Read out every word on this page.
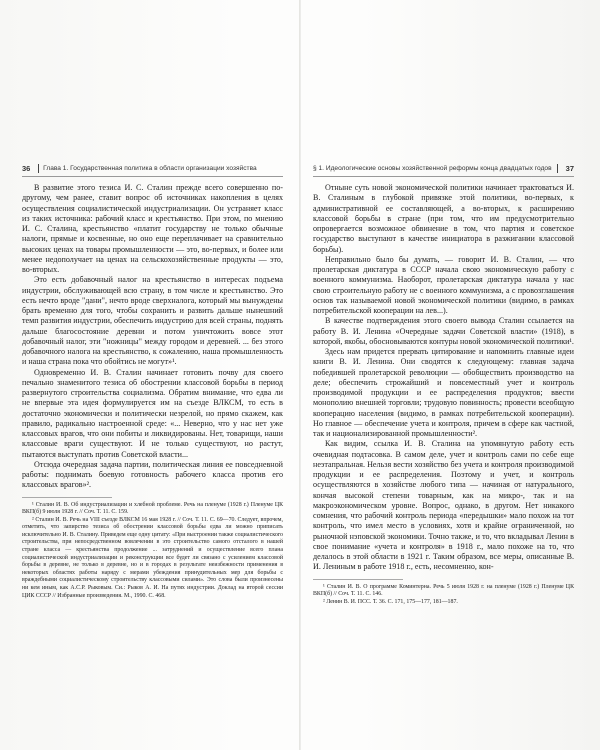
36 Глава 1. Государственная политика в области организации хозяйства

В развитие этого тезиса И. С. Сталин прежде всего совершенно по-другому, чем ранее, ставит вопрос об источниках накопления в целях осуществления социалистической индустриализации. Он устраняет класс из таких источника: рабочий класс и крестьянство. При этом, по мнению И. С. Сталина, крестьянство «платит государству не только обычные налоги, прямые и косвенные, но оно еще переплачивает на сравнительно высоких ценах на товары промышленности — это, во-первых, и более или менее недополучает на ценах на сельскохозяйственные продукты — это, во-вторых.

Это есть добавочный налог на крестьянство в интересах подъема индустрии, обслуживающей всю страну, в том числе и крестьянство. Это есть нечто вроде "дани", нечто вроде сверхналога, который мы вынуждены брать временно для того, чтобы сохранить и развить дальше нынешний темп развития индустрии, обеспечить индустрию для всей страны, поднять дальше благосостояние деревни и потом уничтожить вовсе этот добавочный налог, эти "ножницы" между городом и деревней. ... без этого добавочного налога на крестьянство, к сожалению, наша промышленность и наша страна пока что обойтись не могут»¹.

Одновременно И. В. Сталин начинает готовить почву для своего печально знаменитого тезиса об обострении классовой борьбы в период развернутого строительства социализма. Обратим внимание, что едва ли не впервые эта идея формулируется им на съезде ВЛКСМ, то есть в достаточно экономически и политически незрелой, но прямо скажем, как правило, радикально настроенной среде: «... Неверно, что у нас нет уже классовых врагов, что они побиты и ликвидированы. Нет, товарищи, наши классовые враги существуют. И не только существуют, но растут, пытаются выступать против Советской власти...

Отсюда очередная задача партии, политическая линия ее повседневной работы: поднимать боевую готовность рабочего класса против его классовых врагов»².

¹ Сталин И. В. Об индустриализации и хлебной проблеме. Речь на пленуме (1928 г.) Пленуме ЦК ВКП(б) 9 июля 1928 г. // Соч. Т. 11. С. 159.

² Сталин И. В. Речь на VIII съезде ВЛКСМ 16 мая 1928 г. // Соч. Т. 11. С. 69—70. Следует, впрочем, отметить, что запирство тезиса об обострении классовой борьбы едва ли можно приписать исключительно И. В. Сталину. Приведем еще одну цитату: «При выстроении также социалистического строительства, при непосредственном вовлечении в это строительство самого отсталого в нашей стране класса — крестьянства продолжение ... затруднений и осуществление всего плана социалистической индустриализации и реконструкции все будет ли связано с усилением классовой борьбы в деревне, не только в деревне, но и в городах в результате неизбежности применения в некоторых областях работы наряду с мерами убеждения принудительных мер для борьбы с враждебными социалистическому строительству классовыми силами». Это слова были произнесены ни кем иным, как А.С.Р. Рыковым. Си.: Рыков А. И. На путях индустрии. Доклад на второй сессии ЦИК СССР // Избранные произведения. М., 1990. С. 468.

§ 1. Идеологические основы хозяйственной реформы конца двадцатых годов 37

Отныне суть новой экономической политики начинает трактоваться И. В. Сталиным в глубокой привязке этой политики, во-первых, к административной ее составляющей, а во-вторых, к расширению классовой борьбы в стране (при том, что им предусмотрительно опровергается возможное обвинение в том, что партия и советское государство выступают в качестве инициатора в разжигании классовой борьбы).

Неправильно было бы думать, — говорит И. В. Сталин, — что пролетарская диктатура в СССР начала свою экономическую работу с военного коммунизма. Наоборот, пролетарская диктатура начала у нас свою строительную работу не с военного коммунизма, а с провозглашения основ так называемой новой экономической политики (видимо, в рамках потребительской кооперации на лев...).

В качестве подтверждения этого своего вывода Сталин ссылается на работу В. И. Ленина «Очередные задачи Советской власти» (1918), в которой, якобы, обосновываются контуры новой экономической политики¹.

Здесь нам придется прервать цитирование и напомнить главные идеи книги В. И. Ленина. Они сводятся к следующему: главная задача победившей пролетарской революции — обобществить производство на деле; обеспечить строжайший и повсеместный учет и контроль производимой продукции и ее распределения продуктов; ввести монополию внешней торговли; трудовую повинность; провести всеобщую кооперацию населения (видимо, в рамках потребительской кооперации). Но главное — обеспечение учета и контроля, причем в сфере как частной, так и национализированной промышленности².

Как видим, ссылка И. В. Сталина на упомянутую работу есть очевидная подтасовка. В самом деле, учет и контроль сами по себе еще неэтапральная. Нельзя вести хозяйство без учета и контроля производимой продукции и ее распределения. Поэтому и учет, и контроль осуществляются в хозяйстве любого типа — начиная от натурального, кончая высокой степени товарным, как на микро-, так и на макроэкономическом уровне. Вопрос, однако, в другом. Нет никакого сомнения, что рабочий контроль периода «передышки» мало похож на тот контроль, что имел место в условиях, хотя и крайне ограниченной, но рыночной нэповской экономики. Точно также, и то, что вкладывал Ленин в свое понимание «учета и контроля» в 1918 г., мало похоже на то, что делалось в этой области в 1921 г. Таким образом, все меры, описанные В. И. Лениным в работе 1918 г., есть, несомненно, кон-

¹ Сталин И. В. О программе Коминтерна. Речь 5 июля 1928 г. на пленуме (1928 г.) Пленуме ЦК ВКП(б) // Соч. Т. 11. С. 146.

² Ленин В. И. ПСС. Т. 36. С. 171, 175—177, 181—187.
